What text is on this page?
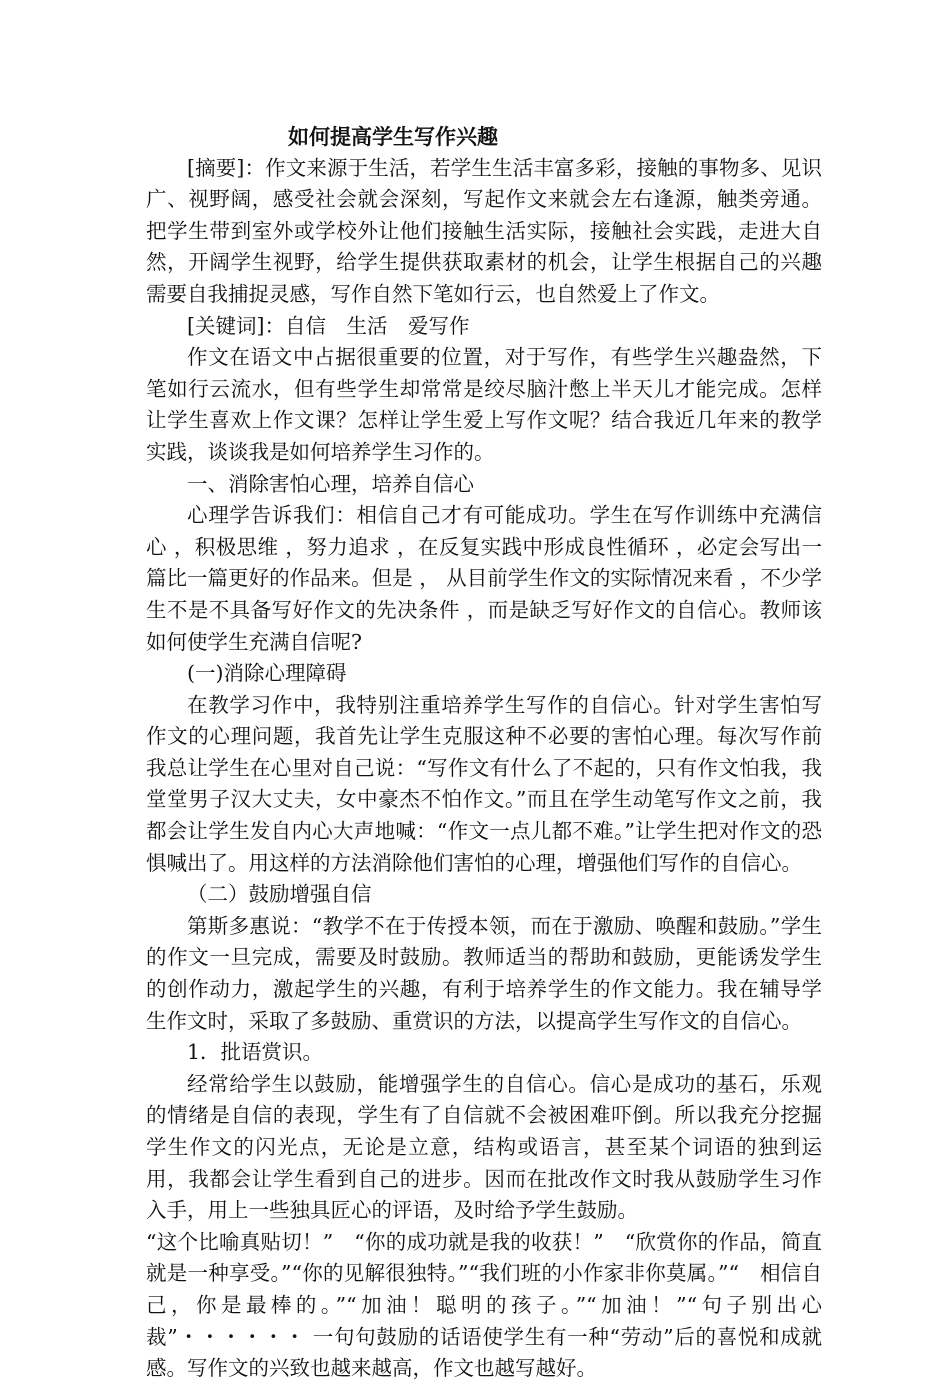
如何提高学生写作兴趣

[摘要]：作文来源于生活，若学生生活丰富多彩，接触的事物多、见识广、视野阔，感受社会就会深刻，写起作文来就会左右逢源，触类旁通。把学生带到室外或学校外让他们接触生活实际，接触社会实践，走进大自然，开阔学生视野，给学生提供获取素材的机会，让学生根据自己的兴趣需要自我捕捉灵感，写作自然下笔如行云，也自然爱上了作文。

[关键词]：自信　生活　爱写作

作文在语文中占据很重要的位置，对于写作，有些学生兴趣盎然，下笔如行云流水，但有些学生却常常是绞尽脑汁憋上半天儿才能完成。怎样让学生喜欢上作文课？怎样让学生爱上写作文呢？结合我近几年来的教学实践，谈谈我是如何培养学生习作的。

一、消除害怕心理，培养自信心

心理学告诉我们：相信自己才有可能成功。学生在写作训练中充满信心 ，积极思维 ，努力追求 ，在反复实践中形成良性循环 ，必定会写出一篇比一篇更好的作品来。但是 ， 从目前学生作文的实际情况来看 ，不少学生不是不具备写好作文的先决条件 ，而是缺乏写好作文的自信心。教师该如何使学生充满自信呢?

(一)消除心理障碍

在教学习作中，我特别注重培养学生写作的自信心。针对学生害怕写作文的心理问题，我首先让学生克服这种不必要的害怕心理。每次写作前我总让学生在心里对自己说：“写作文有什么了不起的，只有作文怕我，我堂堂男子汉大丈夫，女中豪杰不怕作文。”而且在学生动笔写作文之前，我都会让学生发自内心大声地喊：“作文一点儿都不难。”让学生把对作文的恐惧喊出了。用这样的方法消除他们害怕的心理，增强他们写作的自信心。

（二）鼓励增强自信

第斯多惠说：“教学不在于传授本领，而在于激励、唤醒和鼓励。”学生的作文一旦完成，需要及时鼓励。教师适当的帮助和鼓励，更能诱发学生的创作动力，激起学生的兴趣，有利于培养学生的作文能力。我在辅导学生作文时，采取了多鼓励、重赏识的方法，以提高学生写作文的自信心。

1．批语赏识。

经常给学生以鼓励，能增强学生的自信心。信心是成功的基石，乐观的情绪是自信的表现，学生有了自信就不会被困难吓倒。所以我充分挖掘学生作文的闪光点，无论是立意，结构或语言，甚至某个词语的独到运用，我都会让学生看到自己的进步。因而在批改作文时我从鼓励学生习作入手，用上一些独具匠心的评语，及时给予学生鼓励。

“这个比喻真贴切！”　“你的成功就是我的收获！”　“欣赏你的作品，简直就是一种享受。”“你的见解很独特。”“我们班的小作家非你莫属。”“　相信自己，你是最棒的。”“加油！聪明的孩子。”“加油！”“句子别出心裁”・・・・・・ 一句句鼓励的话语使学生有一种“劳动”后的喜悦和成就感。写作文的兴致也越来越高，作文也越写越好。
